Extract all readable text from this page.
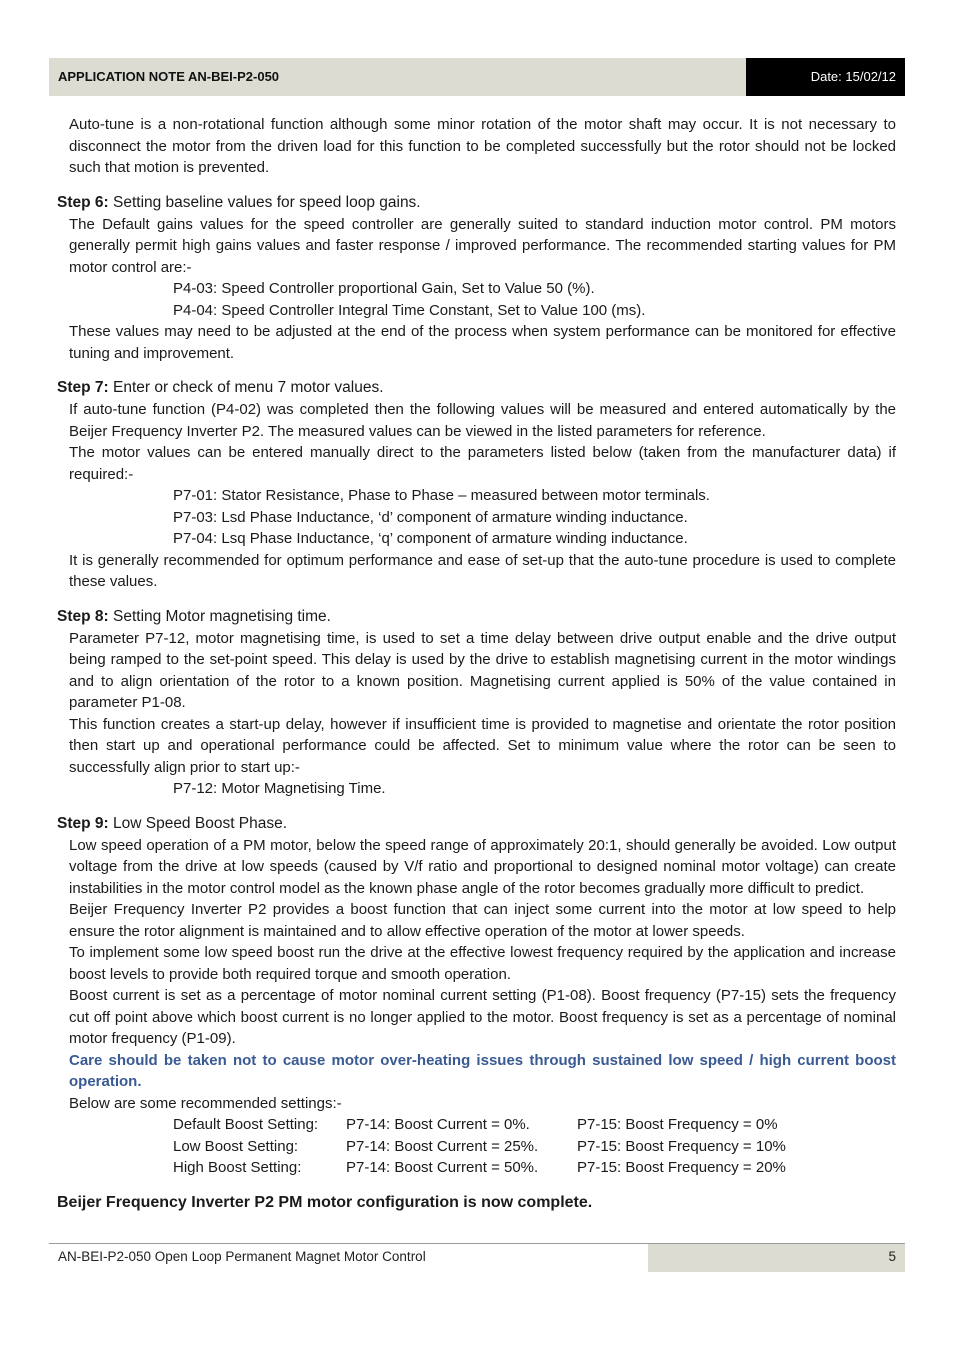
APPLICATION NOTE AN-BEI-P2-050	Date: 15/02/12

Auto-tune is a non-rotational function although some minor rotation of the motor shaft may occur. It is not necessary to disconnect the motor from the driven load for this function to be completed successfully but the rotor should not be locked such that motion is prevented.

Step 6: Setting baseline values for speed loop gains.

The Default gains values for the speed controller are generally suited to standard induction motor control. PM motors generally permit high gains values and faster response / improved performance. The recommended starting values for PM motor control are:-

P4-03: Speed Controller proportional Gain, Set to Value 50 (%).

P4-04: Speed Controller Integral Time Constant, Set to Value 100 (ms).

These values may need to be adjusted at the end of the process when system performance can be monitored for effective tuning and improvement.

Step 7: Enter or check of menu 7 motor values.

If auto-tune function (P4-02) was completed then the following values will be measured and entered automatically by the Beijer Frequency Inverter P2. The measured values can be viewed in the listed parameters for reference.

The motor values can be entered manually direct to the parameters listed below (taken from the manufacturer data) if required:-

P7-01: Stator Resistance, Phase to Phase – measured between motor terminals.

P7-03: Lsd Phase Inductance, ‘d’ component of armature winding inductance.

P7-04: Lsq Phase Inductance, ‘q’ component of armature winding inductance.

It is generally recommended for optimum performance and ease of set-up that the auto-tune procedure is used to complete these values.

Step 8: Setting Motor magnetising time.

Parameter P7-12, motor magnetising time, is used to set a time delay between drive output enable and the drive output being ramped to the set-point speed. This delay is used by the drive to establish magnetising current in the motor windings and to align orientation of the rotor to a known position. Magnetising current applied is 50% of the value contained in parameter P1-08.

This function creates a start-up delay, however if insufficient time is provided to magnetise and orientate the rotor position then start up and operational performance could be affected. Set to minimum value where the rotor can be seen to successfully align prior to start up:-

P7-12: Motor Magnetising Time.

Step 9: Low Speed Boost Phase.

Low speed operation of a PM motor, below the speed range of approximately 20:1, should generally be avoided. Low output voltage from the drive at low speeds (caused by V/f ratio and proportional to designed nominal motor voltage) can create instabilities in the motor control model as the known phase angle of the rotor becomes gradually more difficult to predict.

Beijer Frequency Inverter P2 provides a boost function that can inject some current into the motor at low speed to help ensure the rotor alignment is maintained and to allow effective operation of the motor at lower speeds.

To implement some low speed boost run the drive at the effective lowest frequency required by the application and increase boost levels to provide both required torque and smooth operation.

Boost current is set as a percentage of motor nominal current setting (P1-08). Boost frequency (P7-15) sets the frequency cut off point above which boost current is no longer applied to the motor. Boost frequency is set as a percentage of nominal motor frequency (P1-09).

Care should be taken not to cause motor over-heating issues through sustained low speed / high current boost operation.

Below are some recommended settings:-

Default Boost Setting:	P7-14: Boost Current = 0%.	P7-15: Boost Frequency = 0%
Low Boost Setting:	P7-14: Boost Current = 25%.	P7-15: Boost Frequency = 10%
High Boost Setting:	P7-14: Boost Current = 50%.	P7-15: Boost Frequency = 20%
Beijer Frequency Inverter P2 PM motor configuration is now complete.
AN-BEI-P2-050 Open Loop Permanent Magnet Motor Control	5
